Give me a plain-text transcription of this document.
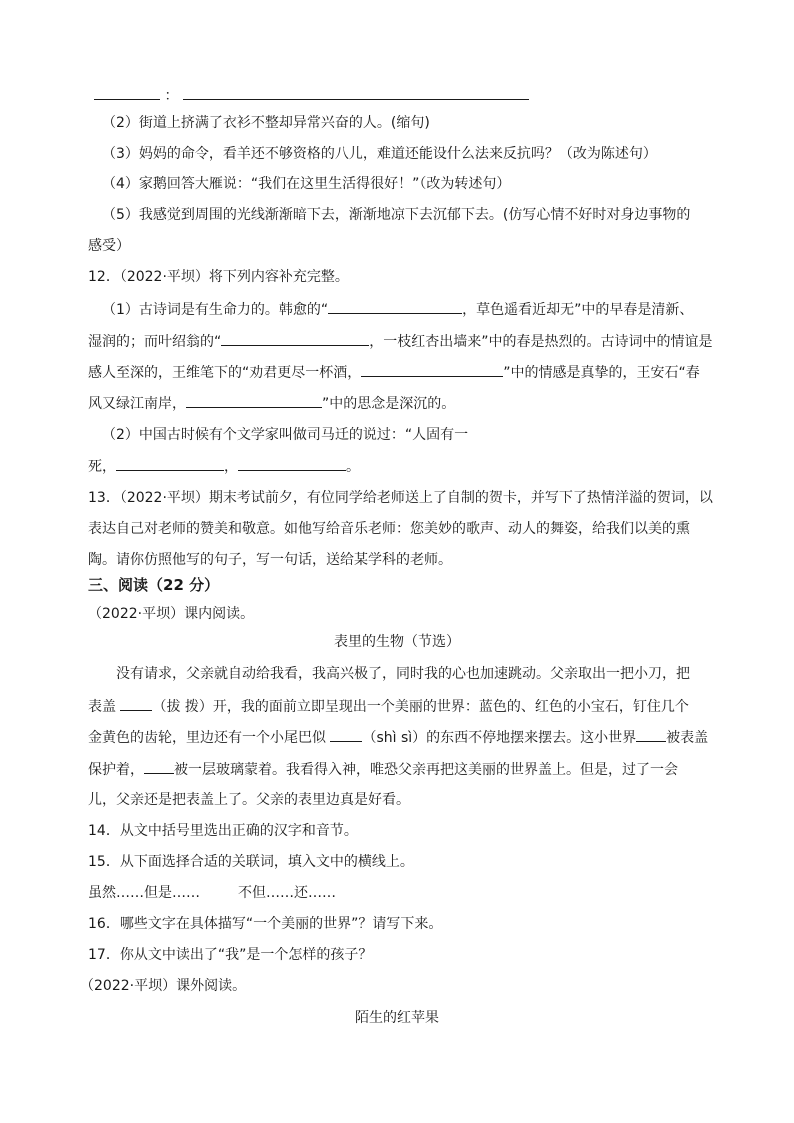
：
（2）街道上挤满了衣衫不整却异常兴奋的人。(缩句)
（3）妈妈的命令，看羊还不够资格的八儿，难道还能设什么法来反抗吗？（改为陈述句）
（4）家鹅回答大雁说：“我们在这里生活得很好！”（改为转述句）
（5）我感觉到周围的光线渐渐暗下去，渐渐地凉下去沉郁下去。(仿写心情不好时对身边事物的
感受）
12．（2022·平坝）将下列内容补充完整。
（1）古诗词是有生命力的。韩愈的“	，草色遥看近却无”中的早春是清新、
湿润的；而叶绍翁的“	，一枝红杏出墙来”中的春是热烈的。古诗词中的情谊是
感人至深的，王维笔下的“劝君更尽一杯酒，	”中的情感是真挚的，王安石“春
风又绿江南岸，	”中的思念是深沉的。
（2）中国古时候有个文学家叫做司马迁的说过：“人固有一
死，	，	。
13．（2022·平坝）期末考试前夕，有位同学给老师送上了自制的贺卡，并写下了热情洋溢的贺词，以
表达自己对老师的赞美和敬意。如他写给音乐老师：您美妙的歌声、动人的舞姿，给我们以美的熏
陶。请你仿照他写的句子，写一句话，送给某学科的老师。
三、阅读（22 分）
（2022·平坝）课内阅读。
表里的生物（节选）
没有请求，父亲就自动给我看，我高兴极了，同时我的心也加速跳动。父亲取出一把小刀，把
表盖	（拔 拨）开，我的面前立即呈现出一个美丽的世界：蓝色的、红色的小宝石，钉住几个
金黄色的齿轮，里边还有一个小尾巴似	（shì sì）的东西不停地摆来摆去。这小世界 被表盖
保护着， 被一层玻璃蒙着。我看得入神，唯恐父亲再把这美丽的世界盖上。但是，过了一会
儿，父亲还是把表盖上了。父亲的表里边真是好看。
14．从文中括号里选出正确的汉字和音节。
15．从下面选择合适的关联词，填入文中的横线上。
虽然……但是……	不但……还……
16．哪些文字在具体描写“一个美丽的世界”？请写下来。
17．你从文中读出了“我”是一个怎样的孩子？
（2022·平坝）课外阅读。
陌生的红苹果
